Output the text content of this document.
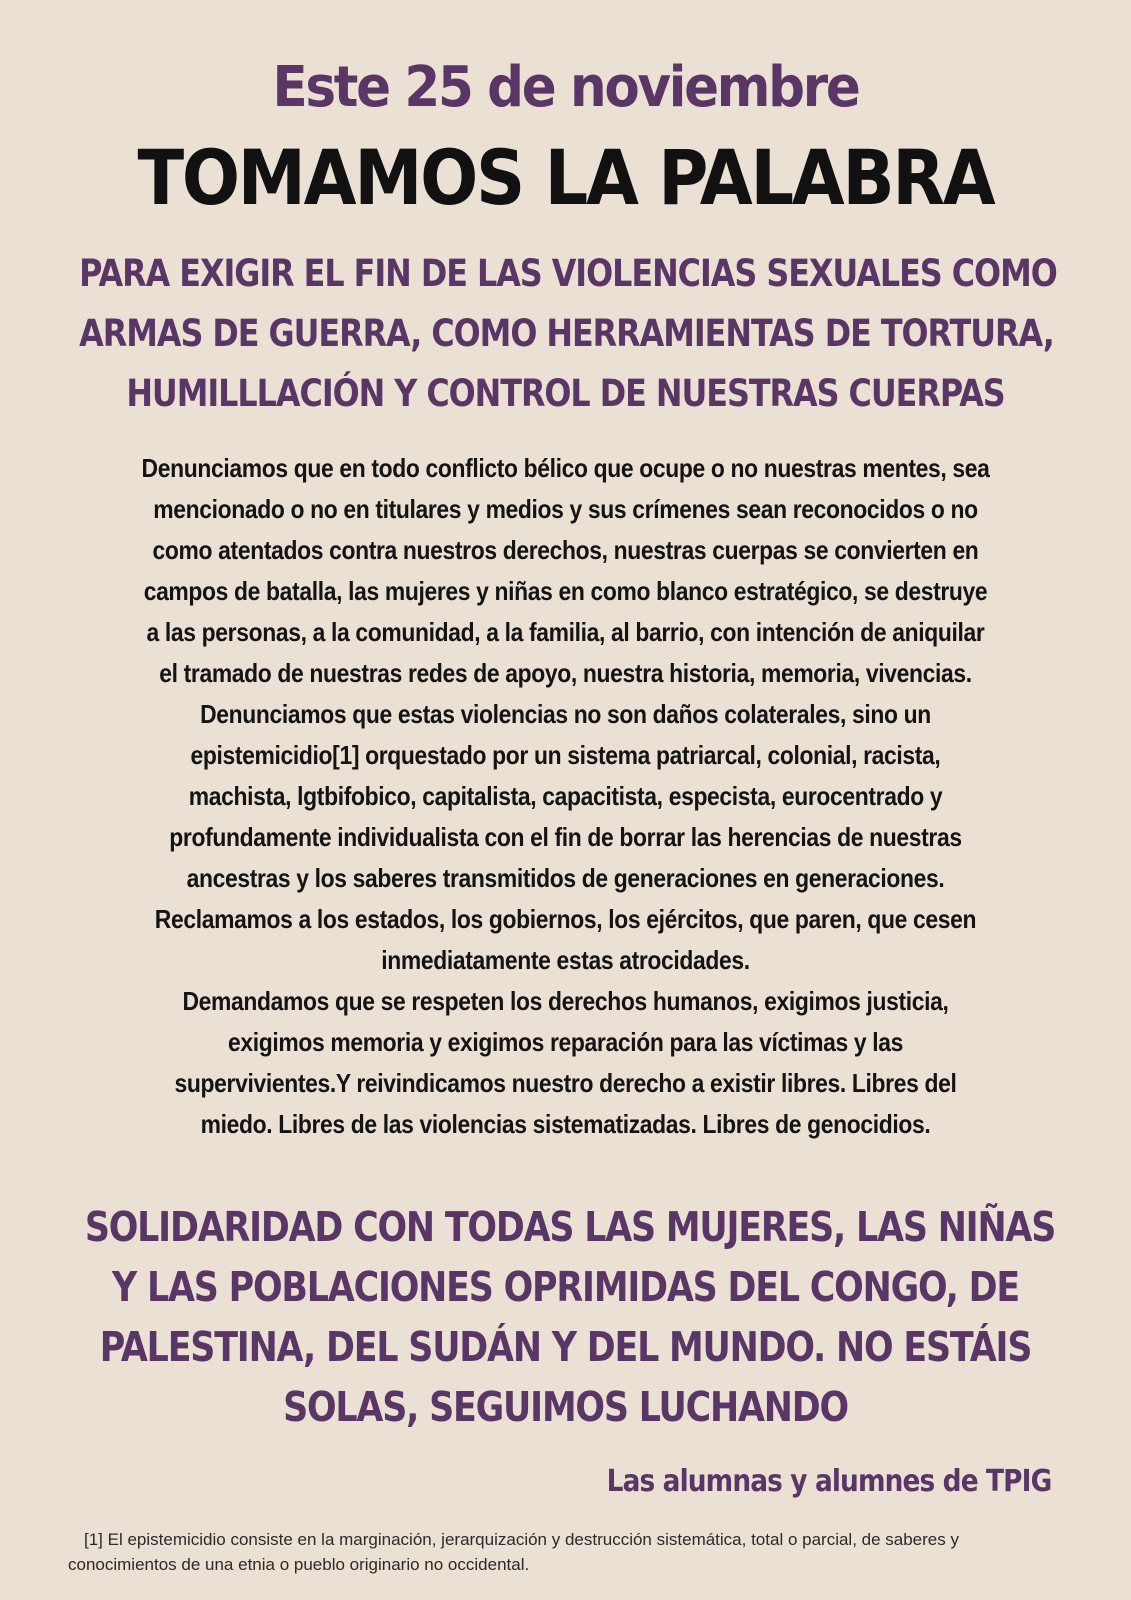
Este 25 de noviembre
TOMAMOS LA PALABRA

PARA EXIGIR EL FIN DE LAS VIOLENCIAS SEXUALES COMO

ARMAS DE GUERRA, COMO HERRAMIENTAS DE TORTURA,

HUMILLLACIÓN Y CONTROL DE NUESTRAS CUERPAS

Denunciamos que en todo conflicto bélico que ocupe o no nuestras mentes, sea

mencionado o no en titulares y medios y sus crímenes sean reconocidos o no

como atentados contra nuestros derechos, nuestras cuerpas se convierten en

campos de batalla, las mujeres y niñas en como blanco estratégico, se destruye

a las personas, a la comunidad, a la familia, al barrio, con intención de aniquilar

el tramado de nuestras redes de apoyo, nuestra historia, memoria, vivencias.

Denunciamos que estas violencias no son daños colaterales, sino un

epistemicidio[1] orquestado por un sistema patriarcal, colonial, racista,

machista, lgtbifobico, capitalista, capacitista, especista, eurocentrado y

profundamente individualista con el fin de borrar las herencias de nuestras

ancestras y los saberes transmitidos de generaciones en generaciones.

Reclamamos a los estados, los gobiernos, los ejércitos, que paren, que cesen

inmediatamente estas atrocidades.

Demandamos que se respeten los derechos humanos, exigimos justicia,

exigimos memoria y exigimos reparación para las víctimas y las

supervivientes.Y reivindicamos nuestro derecho a existir libres. Libres del

miedo. Libres de las violencias sistematizadas. Libres de genocidios.

SOLIDARIDAD CON TODAS LAS MUJERES, LAS NIÑAS

Y LAS POBLACIONES OPRIMIDAS DEL CONGO, DE

PALESTINA, DEL SUDÁN Y DEL MUNDO. NO ESTÁIS

SOLAS, SEGUIMOS LUCHANDO

Las alumnas y alumnes de TPIG

[1] El epistemicidio consiste en la marginación, jerarquización y destrucción sistemática, total o parcial, de saberes y
conocimientos de una etnia o pueblo originario no occidental.
